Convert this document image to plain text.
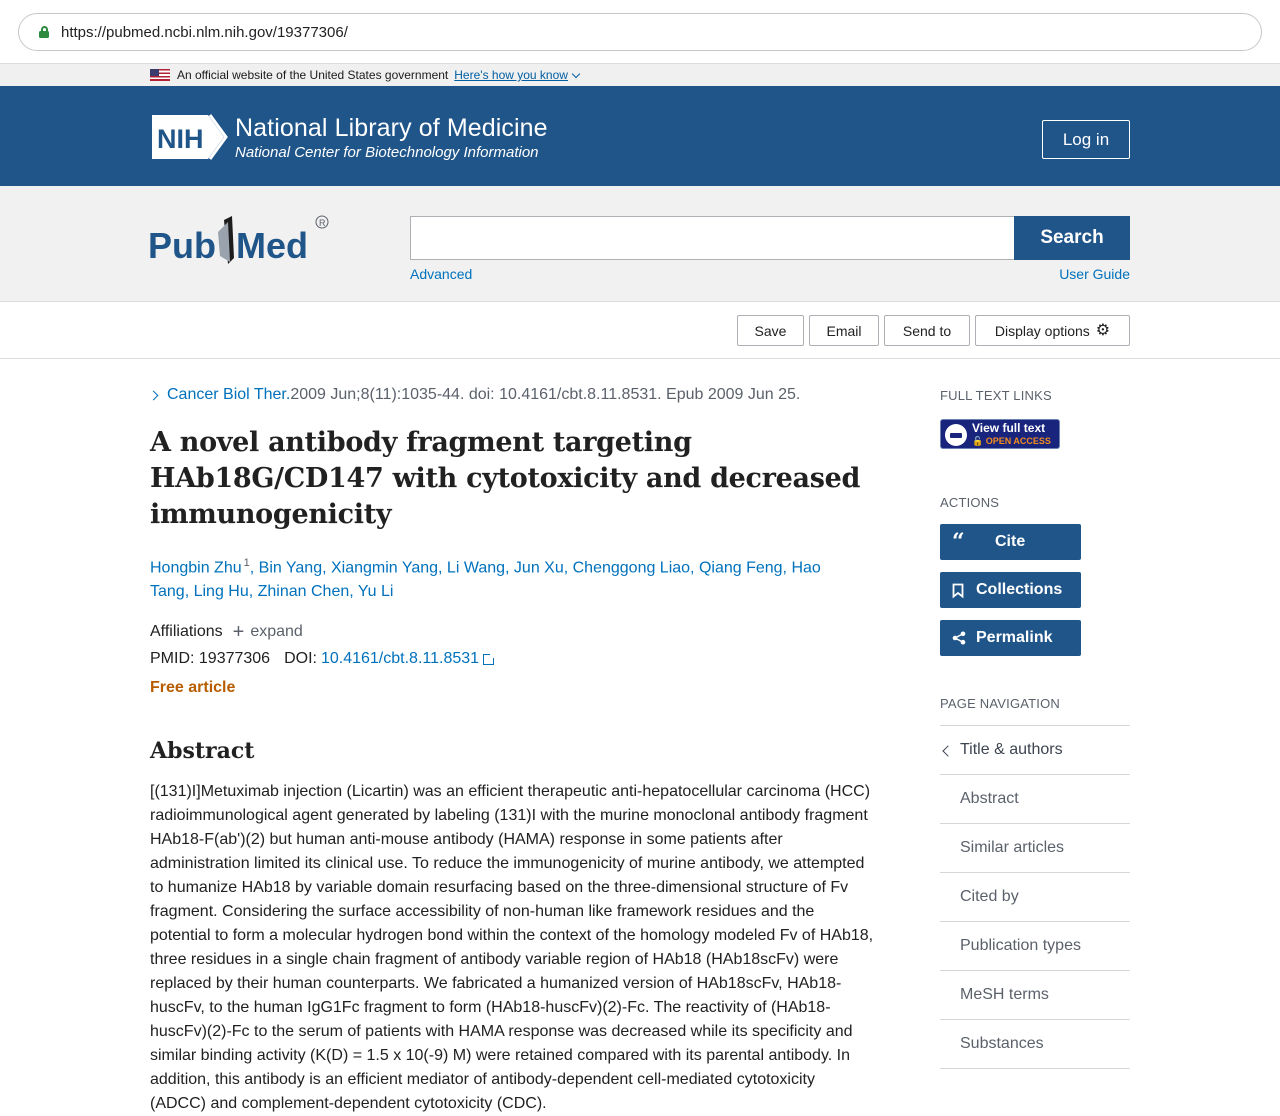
https://pubmed.ncbi.nlm.nih.gov/19377306/
An official website of the United States government Here's how you know
NIH National Library of Medicine
National Center for Biotechnology Information
Log in
Pub Med
R
Search
Advanced	User Guide
Save	Email	Send to	Display options ⚙
Cancer Biol Ther. 2009 Jun;8(11):1035-44. doi: 10.4161/cbt.8.11.8531. Epub 2009 Jun 25.
A novel antibody fragment targeting HAb18G/CD147 with cytotoxicity and decreased immunogenicity
Hongbin Zhu $^1$, Bin Yang, Xiangmin Yang, Li Wang, Jun Xu, Chenggong Liao, Qiang Feng, Hao Tang, Ling Hu, Zhinan Chen, Yu Li
Affiliations + expand
PMID: 19377306 DOI: 10.4161/cbt.8.11.8531
Free article
Abstract

[(131)I]Metuximab injection (Licartin) was an efficient therapeutic anti-hepatocellular carcinoma (HCC) radioimmunological agent generated by labeling (131)I with the murine monoclonal antibody fragment HAb18-F(ab')(2) but human anti-mouse antibody (HAMA) response in some patients after administration limited its clinical use. To reduce the immunogenicity of murine antibody, we attempted to humanize HAb18 by variable domain resurfacing based on the three-dimensional structure of Fv fragment. Considering the surface accessibility of non-human like framework residues and the potential to form a molecular hydrogen bond within the context of the homology modeled Fv of HAb18, three residues in a single chain fragment of antibody variable region of HAb18 (HAb18scFv) were replaced by their human counterparts. We fabricated a humanized version of HAb18scFv, HAb18-huscFv, to the human IgG1Fc fragment to form (HAb18-huscFv)(2)-Fc. The reactivity of (HAb18-huscFv)(2)-Fc to the serum of patients with HAMA response was decreased while its specificity and similar binding activity (K(D) = 1.5 x 10(-9) M) were retained compared with its parental antibody. In addition, this antibody is an efficient mediator of antibody-dependent cell-mediated cytotoxicity (ADCC) and complement-dependent cytotoxicity (CDC).

FULL TEXT LINKS
View full text
🔓 OPEN ACCESS
ACTIONS
“	Cite
Collections
Permalink
PAGE NAVIGATION
Title & authors
Abstract
Similar articles
Cited by
Publication types
MeSH terms
Substances
